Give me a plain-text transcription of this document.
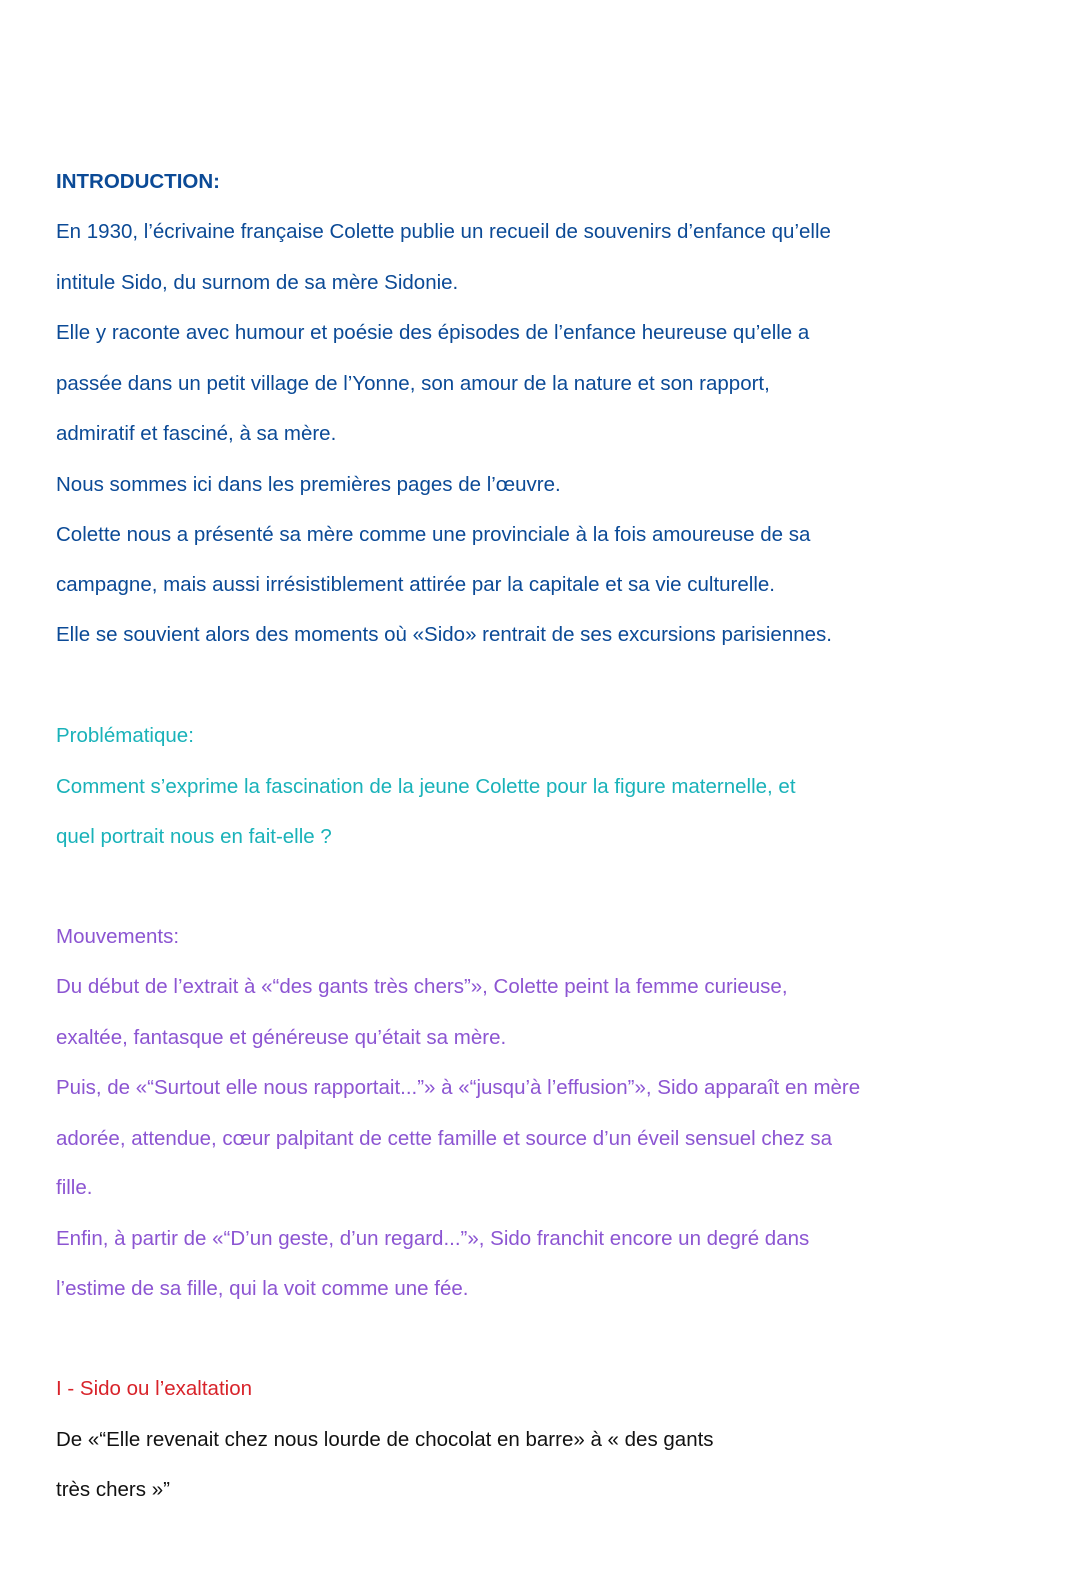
INTRODUCTION:
En 1930, l’écrivaine française Colette publie un recueil de souvenirs d’enfance qu’elle
intitule Sido, du surnom de sa mère Sidonie.
Elle y raconte avec humour et poésie des épisodes de l’enfance heureuse qu’elle a
passée dans un petit village de l’Yonne, son amour de la nature et son rapport,
admiratif et fasciné, à sa mère.
Nous sommes ici dans les premières pages de l’œuvre.
Colette nous a présenté sa mère comme une provinciale à la fois amoureuse de sa
campagne, mais aussi irrésistiblement attirée par la capitale et sa vie culturelle.
Elle se souvient alors des moments où «Sido» rentrait de ses excursions parisiennes.
Problématique:
Comment s’exprime la fascination de la jeune Colette pour la figure maternelle, et
quel portrait nous en fait-elle ?
Mouvements:
Du début de l’extrait à «“des gants très chers”», Colette peint la femme curieuse,
exaltée, fantasque et généreuse qu’était sa mère.
Puis, de «“Surtout elle nous rapportait...”» à «“jusqu’à l’effusion”», Sido apparaît en mère
adorée, attendue, cœur palpitant de cette famille et source d’un éveil sensuel chez sa
fille.
Enfin, à partir de «“D’un geste, d’un regard...”», Sido franchit encore un degré dans
l’estime de sa fille, qui la voit comme une fée.
I - Sido ou l’exaltation
De «“Elle revenait chez nous lourde de chocolat en barre» à « des gants
très chers »”
